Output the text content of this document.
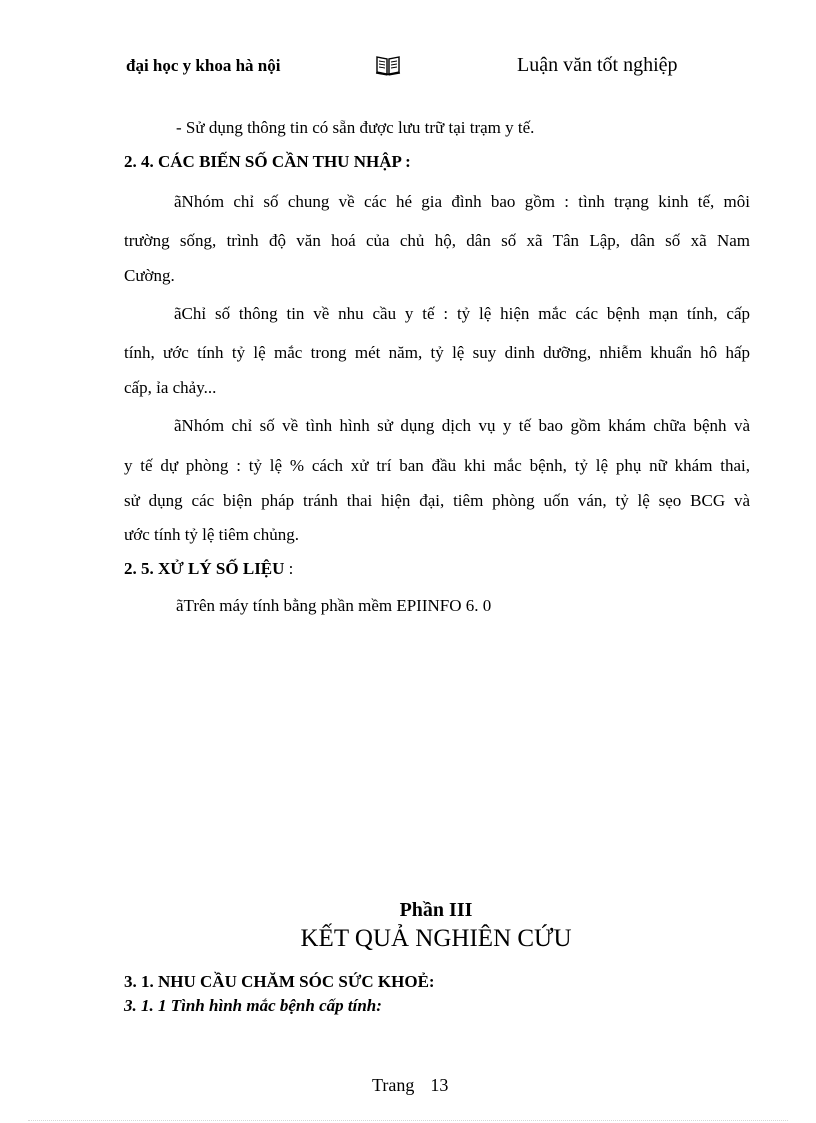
đại học y khoa hà nội	Luận văn tốt nghiệp
- Sử dụng thông tin có sẵn được lưu trữ tại trạm y tế.
2. 4. CÁC BIẾN SỐ CẦN THU NHẬP :
ãNhóm chỉ số chung về các hé gia đình bao gồm : tình trạng kinh tế, môi
trường sống, trình độ văn hoá của chủ hộ, dân số xã Tân Lập, dân số xã Nam
Cường.
ãChỉ số thông tin về nhu cầu y tế : tỷ lệ hiện mắc các bệnh mạn tính, cấp
tính, ước tính tỷ lệ mắc trong mét năm, tỷ lệ suy dinh dưỡng, nhiễm khuẩn hô hấp
cấp, ỉa chảy...
ãNhóm chỉ số về tình hình sử dụng dịch vụ y tế bao gồm khám chữa bệnh và
y tế dự phòng : tỷ lệ % cách xử trí ban đầu khi mắc bệnh, tỷ lệ phụ nữ khám thai,
sử dụng các biện pháp tránh thai hiện đại, tiêm phòng uốn ván, tỷ lệ sẹo BCG và
ước tính tỷ lệ tiêm chủng.
2. 5. XỬ LÝ SỐ LIỆU :
ãTrên máy tính bằng phần mềm EPIINFO 6. 0
Phần III
KẾT QUẢ NGHIÊN CỨU
3. 1. NHU CẦU CHĂM SÓC SỨC KHOẺ:
3. 1. 1 Tình hình mắc bệnh cấp tính:
Trang 13
